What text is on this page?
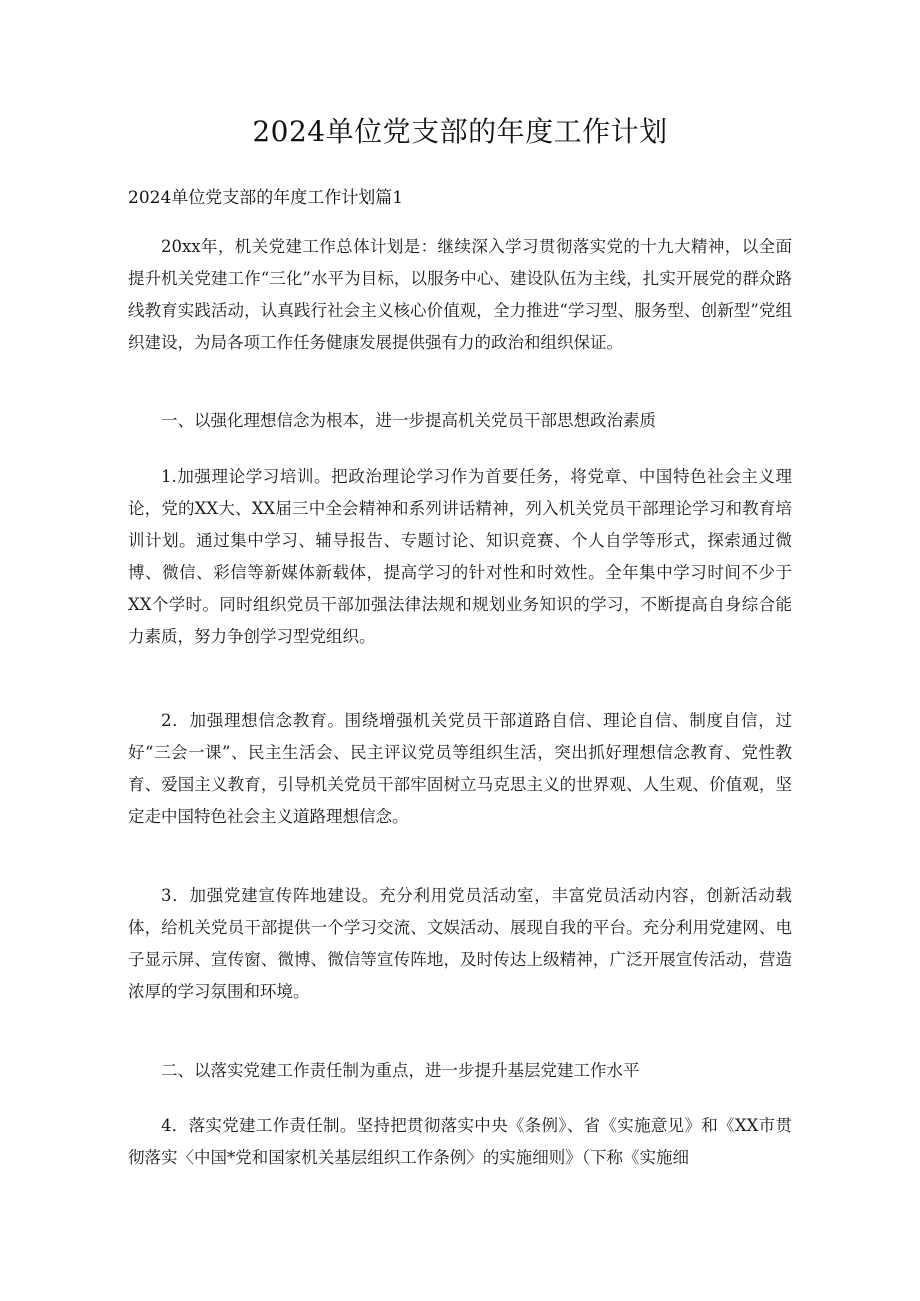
2024单位党支部的年度工作计划

2024单位党支部的年度工作计划篇1

20xx年，机关党建工作总体计划是：继续深入学习贯彻落实党的十九大精神，以全面提升机关党建工作“三化”水平为目标，以服务中心、建设队伍为主线，扎实开展党的群众路线教育实践活动，认真践行社会主义核心价值观，全力推进“学习型、服务型、创新型”党组织建设，为局各项工作任务健康发展提供强有力的政治和组织保证。

一、以强化理想信念为根本，进一步提高机关党员干部思想政治素质

1.加强理论学习培训。把政治理论学习作为首要任务，将党章、中国特色社会主义理论，党的XX大、XX届三中全会精神和系列讲话精神，列入机关党员干部理论学习和教育培训计划。通过集中学习、辅导报告、专题讨论、知识竞赛、个人自学等形式，探索通过微博、微信、彩信等新媒体新载体，提高学习的针对性和时效性。全年集中学习时间不少于XX个学时。同时组织党员干部加强法律法规和规划业务知识的学习，不断提高自身综合能力素质，努力争创学习型党组织。

2．加强理想信念教育。围绕增强机关党员干部道路自信、理论自信、制度自信，过好“三会一课”、民主生活会、民主评议党员等组织生活，突出抓好理想信念教育、党性教育、爱国主义教育，引导机关党员干部牢固树立马克思主义的世界观、人生观、价值观，坚定走中国特色社会主义道路理想信念。

3．加强党建宣传阵地建设。充分利用党员活动室，丰富党员活动内容，创新活动载体，给机关党员干部提供一个学习交流、文娱活动、展现自我的平台。充分利用党建网、电子显示屏、宣传窗、微博、微信等宣传阵地，及时传达上级精神，广泛开展宣传活动，营造浓厚的学习氛围和环境。

二、以落实党建工作责任制为重点，进一步提升基层党建工作水平

4．落实党建工作责任制。坚持把贯彻落实中央《条例》、省《实施意见》和《XX市贯彻落实〈中国*党和国家机关基层组织工作条例〉的实施细则》（下称《实施细
